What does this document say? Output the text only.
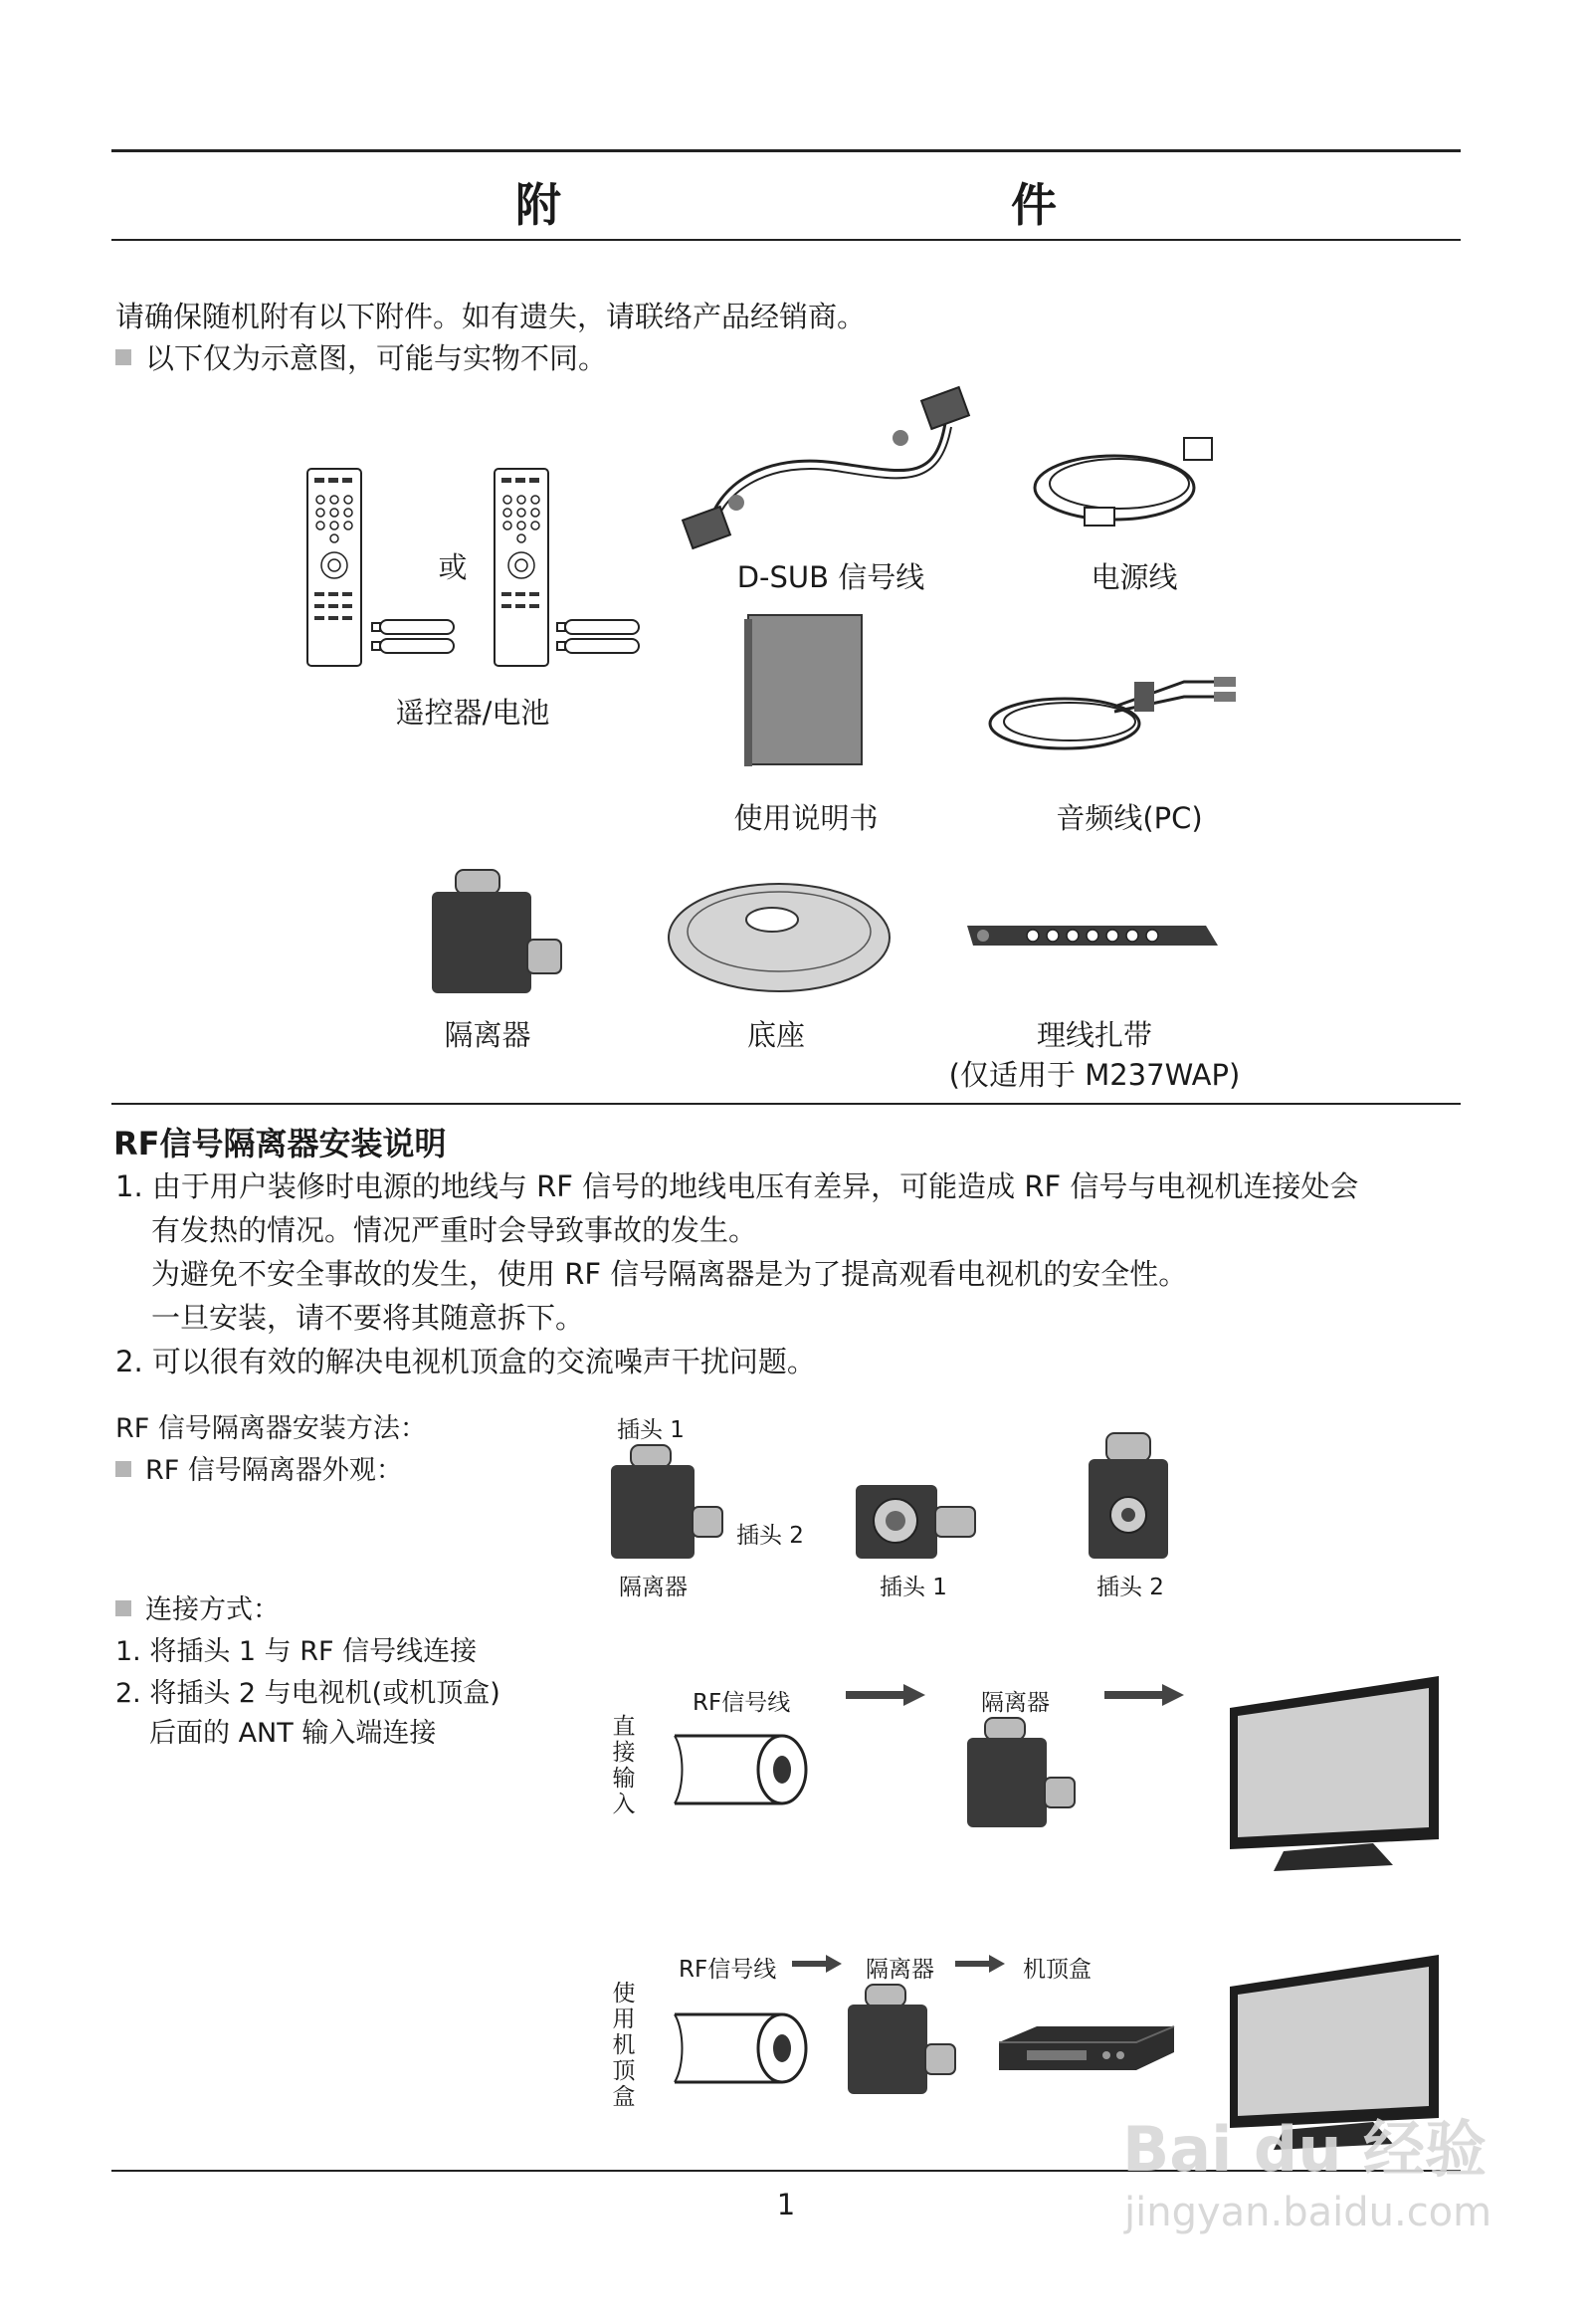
附　　件
请确保随机附有以下附件。如有遗失，请联络产品经销商。
以下仅为示意图，可能与实物不同。
或
遥控器/电池
D-SUB 信号线	电源线
使用说明书	音频线(PC)
隔离器	底座	理线扎带
(仅适用于 M237WAP)
RF信号隔离器安装说明
1. 由于用户装修时电源的地线与 RF 信号的地线电压有差异，可能造成 RF 信号与电视机连接处会
有发热的情况。情况严重时会导致事故的发生。
为避免不安全事故的发生，使用 RF 信号隔离器是为了提高观看电视机的安全性。
一旦安装，请不要将其随意拆下。
2. 可以很有效的解决电视机顶盒的交流噪声干扰问题。
RF 信号隔离器安装方法：
RF 信号隔离器外观：
插头 1
插头 2
隔离器	插头 1	插头 2
连接方式：
1. 将插头 1 与 RF 信号线连接
2. 将插头 2 与电视机(或机顶盒)
后面的 ANT 输入端连接	直接输入
RF信号线	隔离器
使用机顶盒
RF信号线	隔离器	机顶盒
1
Bai du 经验
jingyan.baidu.com
